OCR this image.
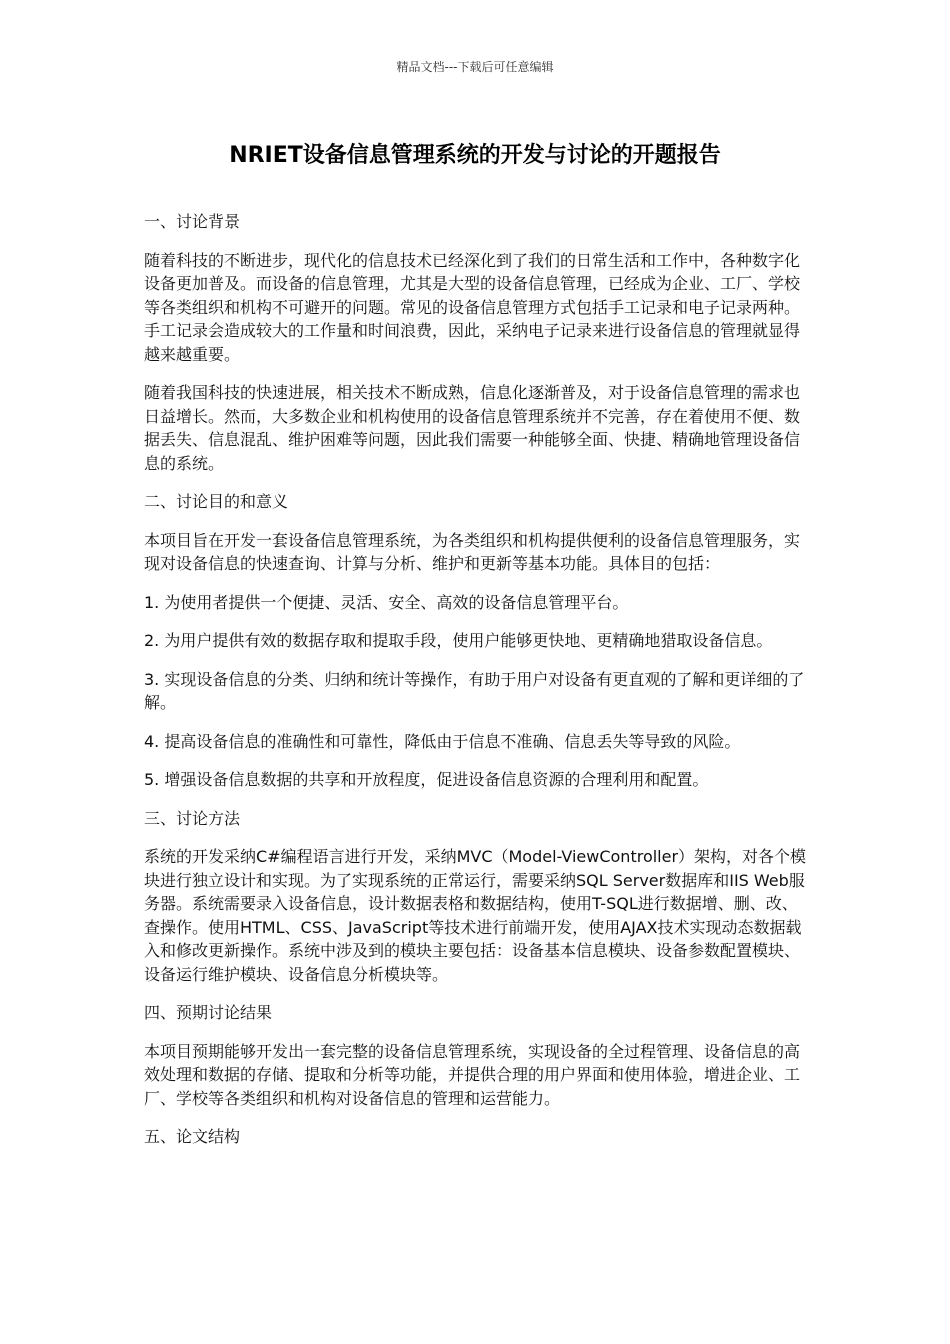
精品文档---下载后可任意编辑
NRIET设备信息管理系统的开发与讨论的开题报告

一、讨论背景

随着科技的不断进步，现代化的信息技术已经深化到了我们的日常生活和工作中，各种数字化设备更加普及。而设备的信息管理，尤其是大型的设备信息管理，已经成为企业、工厂、学校等各类组织和机构不可避开的问题。常见的设备信息管理方式包括手工记录和电子记录两种。手工记录会造成较大的工作量和时间浪费，因此，采纳电子记录来进行设备信息的管理就显得越来越重要。

随着我国科技的快速进展，相关技术不断成熟，信息化逐渐普及，对于设备信息管理的需求也日益增长。然而，大多数企业和机构使用的设备信息管理系统并不完善，存在着使用不便、数据丢失、信息混乱、维护困难等问题，因此我们需要一种能够全面、快捷、精确地管理设备信息的系统。

二、讨论目的和意义

本项目旨在开发一套设备信息管理系统，为各类组织和机构提供便利的设备信息管理服务，实现对设备信息的快速查询、计算与分析、维护和更新等基本功能。具体目的包括：

1. 为使用者提供一个便捷、灵活、安全、高效的设备信息管理平台。

2. 为用户提供有效的数据存取和提取手段，使用户能够更快地、更精确地猎取设备信息。

3. 实现设备信息的分类、归纳和统计等操作，有助于用户对设备有更直观的了解和更详细的了解。

4. 提高设备信息的准确性和可靠性，降低由于信息不准确、信息丢失等导致的风险。

5. 增强设备信息数据的共享和开放程度，促进设备信息资源的合理利用和配置。

三、讨论方法

系统的开发采纳C#编程语言进行开发，采纳MVC（Model-ViewController）架构，对各个模块进行独立设计和实现。为了实现系统的正常运行，需要采纳SQL Server数据库和IIS Web服务器。系统需要录入设备信息，设计数据表格和数据结构，使用T-SQL进行数据增、删、改、查操作。使用HTML、CSS、JavaScript等技术进行前端开发，使用AJAX技术实现动态数据载入和修改更新操作。系统中涉及到的模块主要包括：设备基本信息模块、设备参数配置模块、设备运行维护模块、设备信息分析模块等。

四、预期讨论结果

本项目预期能够开发出一套完整的设备信息管理系统，实现设备的全过程管理、设备信息的高效处理和数据的存储、提取和分析等功能，并提供合理的用户界面和使用体验，增进企业、工厂、学校等各类组织和机构对设备信息的管理和运营能力。

五、论文结构
